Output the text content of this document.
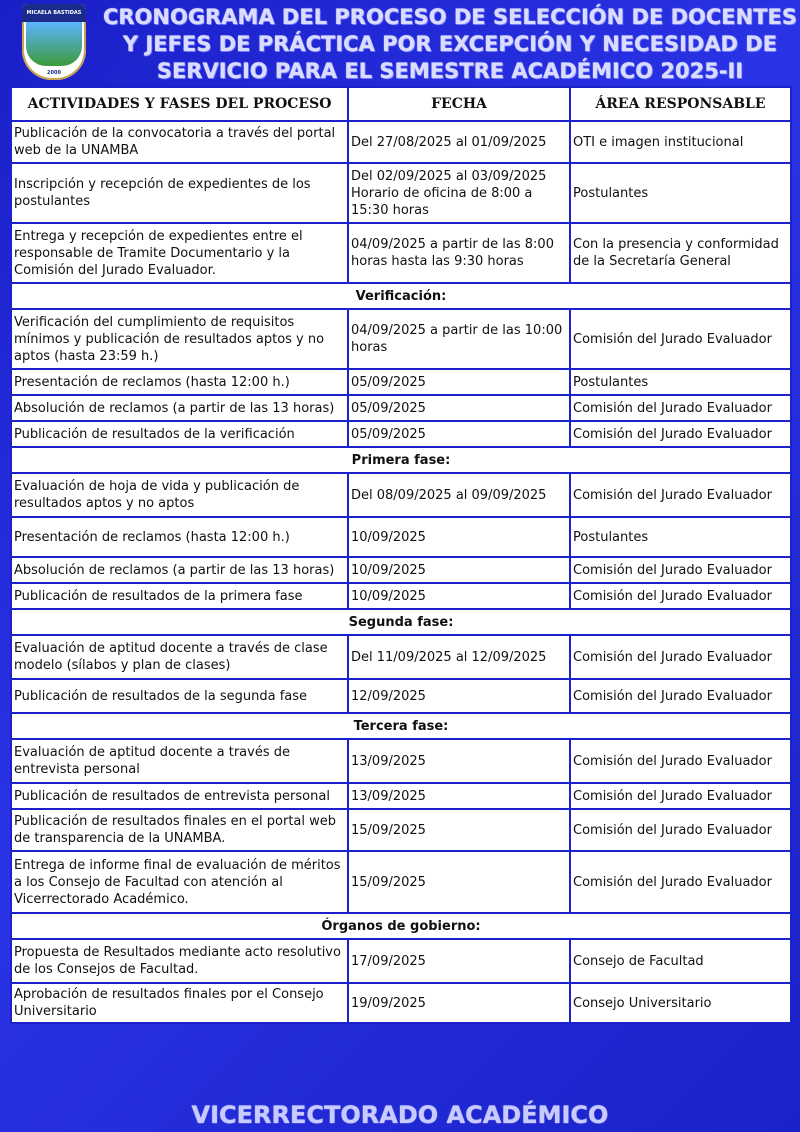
MICAELA BASTIDAS
2000
CRONOGRAMA DEL PROCESO DE SELECCIÓN DE DOCENTES
Y JEFES DE PRÁCTICA POR EXCEPCIÓN Y NECESIDAD DE
SERVICIO PARA EL SEMESTRE ACADÉMICO 2025-II
ACTIVIDADES Y FASES DEL PROCESO	FECHA	ÁREA RESPONSABLE
Publicación de la convocatoria a través del portal web de la UNAMBA	Del 27/08/2025 al 01/09/2025	OTI e imagen institucional
Inscripción y recepción de expedientes de los postulantes	Del 02/09/2025 al 03/09/2025 Horario de oficina de 8:00 a 15:30 horas	Postulantes
Entrega y recepción de expedientes entre el responsable de Tramite Documentario y la Comisión del Jurado Evaluador.	04/09/2025 a partir de las 8:00 horas hasta las 9:30 horas	Con la presencia y conformidad de la Secretaría General
Verificación:		
Verificación del cumplimiento de requisitos mínimos y publicación de resultados aptos y no aptos (hasta 23:59 h.)	04/09/2025 a partir de las 10:00 horas	Comisión del Jurado Evaluador
Presentación de reclamos (hasta 12:00 h.)	05/09/2025	Postulantes
Absolución de reclamos (a partir de las 13 horas)	05/09/2025	Comisión del Jurado Evaluador
Publicación de resultados de la verificación	05/09/2025	Comisión del Jurado Evaluador
Primera fase:		
Evaluación de hoja de vida y publicación de resultados aptos y no aptos	Del 08/09/2025 al 09/09/2025	Comisión del Jurado Evaluador
Presentación de reclamos (hasta 12:00 h.)	10/09/2025	Postulantes
Absolución de reclamos (a partir de las 13 horas)	10/09/2025	Comisión del Jurado Evaluador
Publicación de resultados de la primera fase	10/09/2025	Comisión del Jurado Evaluador
Segunda fase:		
Evaluación de aptitud docente a través de clase modelo (sílabos y plan de clases)	Del 11/09/2025 al 12/09/2025	Comisión del Jurado Evaluador
Publicación de resultados de la segunda fase	12/09/2025	Comisión del Jurado Evaluador
Tercera fase:		
Evaluación de aptitud docente a través de entrevista personal	13/09/2025	Comisión del Jurado Evaluador
Publicación de resultados de entrevista personal	13/09/2025	Comisión del Jurado Evaluador
Publicación de resultados finales en el portal web de transparencia de la UNAMBA.	15/09/2025	Comisión del Jurado Evaluador
Entrega de informe final de evaluación de méritos a los Consejo de Facultad con atención al Vicerrectorado Académico.	15/09/2025	Comisión del Jurado Evaluador
Órganos de gobierno:		
Propuesta de Resultados mediante acto resolutivo de los Consejos de Facultad.	17/09/2025	Consejo de Facultad
Aprobación de resultados finales por el Consejo Universitario	19/09/2025	Consejo Universitario
VICERRECTORADO ACADÉMICO
